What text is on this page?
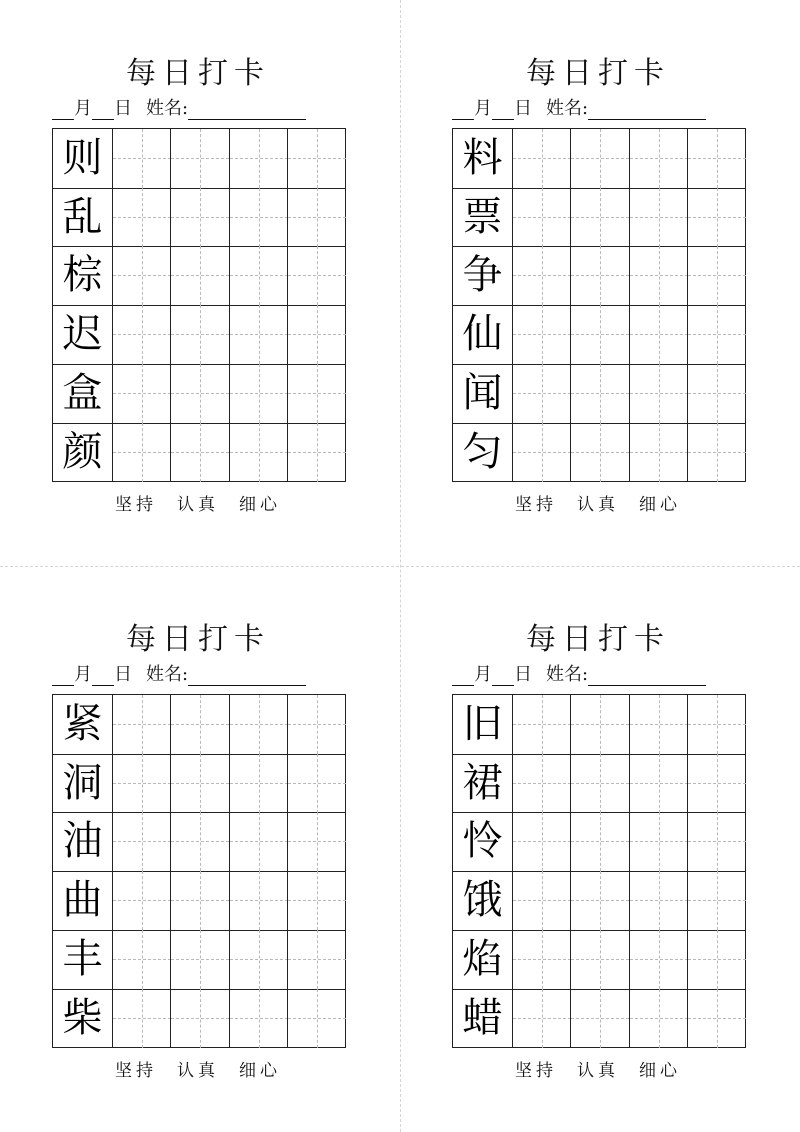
每日打卡
月 日 姓名:
则
乱
棕
迟
盒
颜
坚持 认真 细心
每日打卡
月 日 姓名:
料
票
争
仙
闻
匀
坚持 认真 细心
每日打卡
月 日 姓名:
紧
洞
油
曲
丰
柴
坚持 认真 细心
每日打卡
月 日 姓名:
旧
裙
怜
饿
焰
蜡
坚持 认真 细心
